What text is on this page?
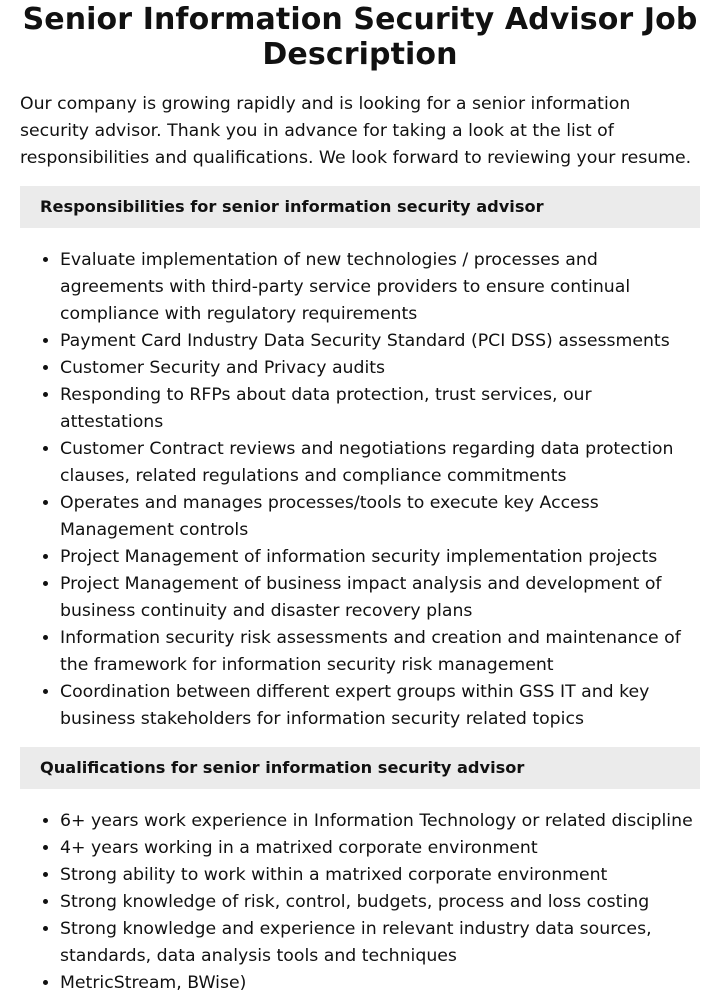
Senior Information Security Advisor Job Description

Our company is growing rapidly and is looking for a senior information security advisor. Thank you in advance for taking a look at the list of responsibilities and qualifications. We look forward to reviewing your resume.

Responsibilities for senior information security advisor
• Evaluate implementation of new technologies / processes and agreements with third-party service providers to ensure continual compliance with regulatory requirements
• Payment Card Industry Data Security Standard (PCI DSS) assessments
• Customer Security and Privacy audits
• Responding to RFPs about data protection, trust services, our attestations
• Customer Contract reviews and negotiations regarding data protection clauses, related regulations and compliance commitments
• Operates and manages processes/tools to execute key Access Management controls
• Project Management of information security implementation projects
• Project Management of business impact analysis and development of business continuity and disaster recovery plans
• Information security risk assessments and creation and maintenance of the framework for information security risk management
• Coordination between different expert groups within GSS IT and key business stakeholders for information security related topics
Qualifications for senior information security advisor
• 6+ years work experience in Information Technology or related discipline
• 4+ years working in a matrixed corporate environment
• Strong ability to work within a matrixed corporate environment
• Strong knowledge of risk, control, budgets, process and loss costing
• Strong knowledge and experience in relevant industry data sources, standards, data analysis tools and techniques
• MetricStream, BWise)
